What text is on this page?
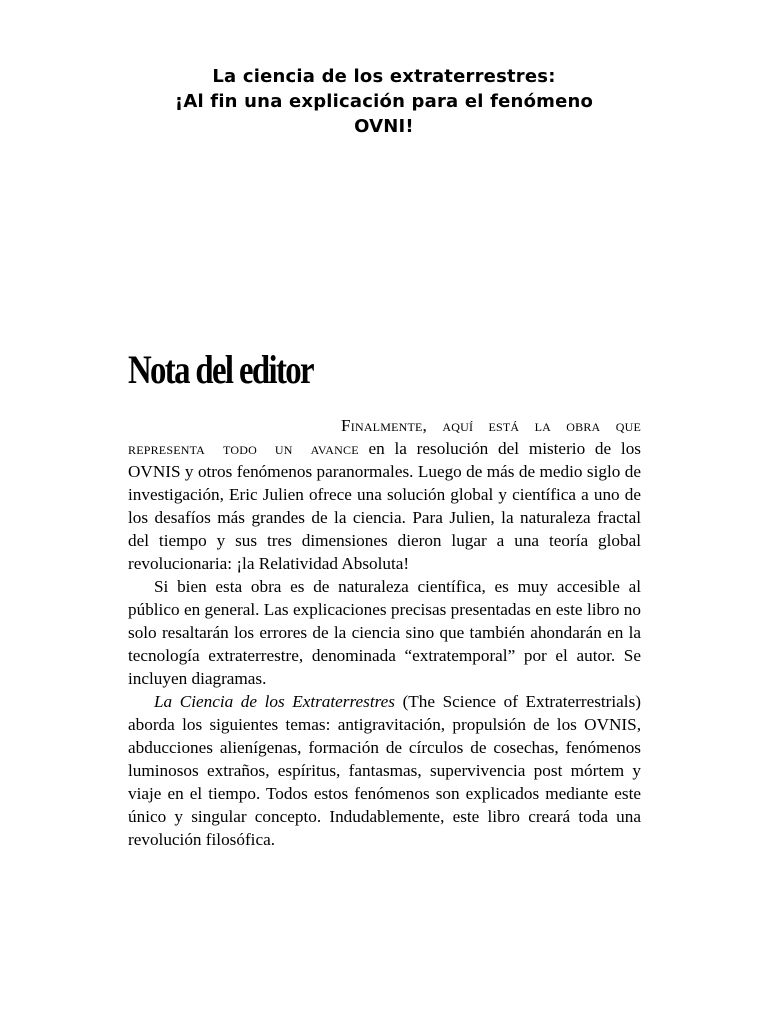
La ciencia de los extraterrestres:
¡Al fin una explicación para el fenómeno
OVNI!
Nota del editor

Finalmente, aquí está la obra que representa todo un avance en la resolución del misterio de los OVNIS y otros fenómenos paranormales. Luego de más de medio siglo de investigación, Eric Julien ofrece una solución global y científica a uno de los desafíos más grandes de la ciencia. Para Julien, la naturaleza fractal del tiempo y sus tres dimensiones dieron lugar a una teoría global revolucionaria: ¡la Relatividad Absoluta!

Si bien esta obra es de naturaleza científica, es muy accesible al público en general. Las explicaciones precisas presentadas en este libro no solo resaltarán los errores de la ciencia sino que también ahondarán en la tecnología extraterrestre, denominada “extratemporal” por el autor. Se incluyen diagramas.

La Ciencia de los Extraterrestres (The Science of Extraterrestrials) aborda los siguientes temas: antigravitación, propulsión de los OVNIS, abducciones alienígenas, formación de círculos de cosechas, fenómenos luminosos extraños, espíritus, fantasmas, supervivencia post mórtem y viaje en el tiempo. Todos estos fenómenos son explicados mediante este único y singular concepto. Indudablemente, este libro creará toda una revolución filosófica.
